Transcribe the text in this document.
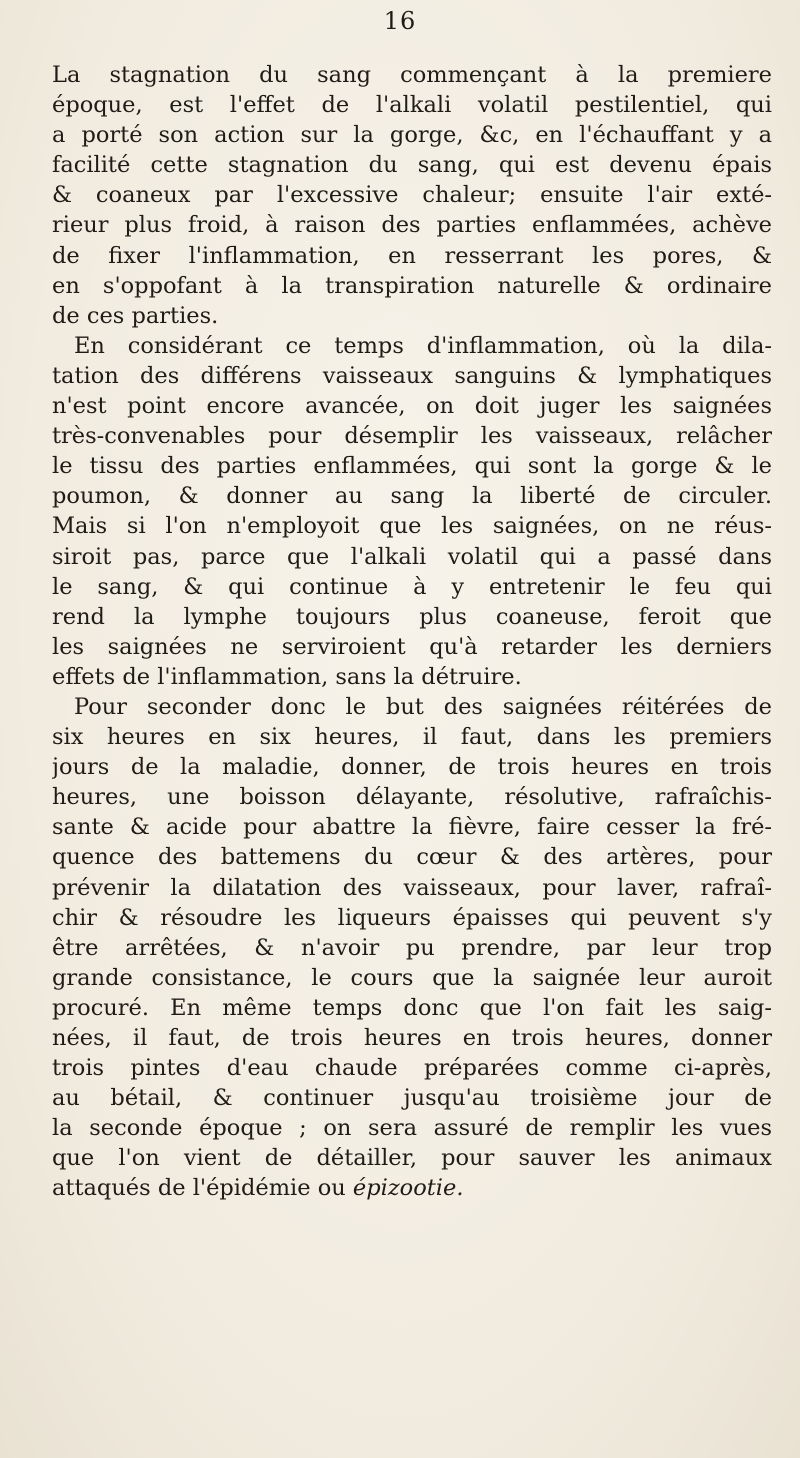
16
La stagnation du sang commençant à la premiere
époque, est l'effet de l'alkali volatil pestilentiel, qui
a porté son action sur la gorge, &c, en l'échauffant y a
facilité cette stagnation du sang, qui est devenu épais
& coaneux par l'excessive chaleur; ensuite l'air exté-
rieur plus froid, à raison des parties enflammées, achève
de fixer l'inflammation, en resserrant les pores, &
en s'oppofant à la transpiration naturelle & ordinaire
de ces parties.
En considérant ce temps d'inflammation, où la dila-
tation des différens vaisseaux sanguins & lymphatiques
n'est point encore avancée, on doit juger les saignées
très-convenables pour désemplir les vaisseaux, relâcher
le tissu des parties enflammées, qui sont la gorge & le
poumon, & donner au sang la liberté de circuler.
Mais si l'on n'employoit que les saignées, on ne réus-
siroit pas, parce que l'alkali volatil qui a passé dans
le sang, & qui continue à y entretenir le feu qui
rend la lymphe toujours plus coaneuse, feroit que
les saignées ne serviroient qu'à retarder les derniers
effets de l'inflammation, sans la détruire.
Pour seconder donc le but des saignées réitérées de
six heures en six heures, il faut, dans les premiers
jours de la maladie, donner, de trois heures en trois
heures, une boisson délayante, résolutive, rafraîchis-
sante & acide pour abattre la fièvre, faire cesser la fré-
quence des battemens du cœur & des artères, pour
prévenir la dilatation des vaisseaux, pour laver, rafraî-
chir & résoudre les liqueurs épaisses qui peuvent s'y
être arrêtées, & n'avoir pu prendre, par leur trop
grande consistance, le cours que la saignée leur auroit
procuré. En même temps donc que l'on fait les saig-
nées, il faut, de trois heures en trois heures, donner
trois pintes d'eau chaude préparées comme ci-après,
au bétail, & continuer jusqu'au troisième jour de
la seconde époque ; on sera assuré de remplir les vues
que l'on vient de détailler, pour sauver les animaux
attaqués de l'épidémie ou épizootie.
